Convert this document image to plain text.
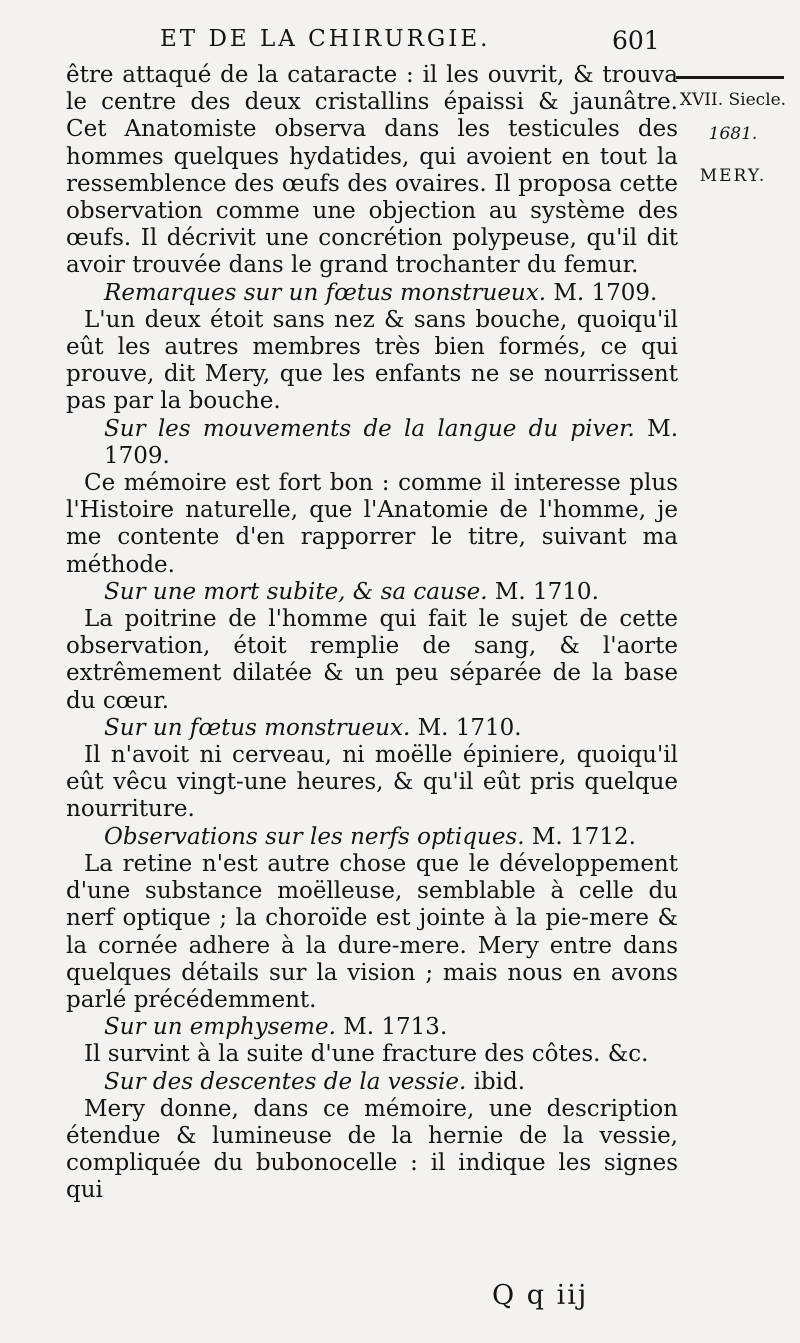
ET DE LA CHIRURGIE.	601
XVII. Siecle.
1681.
MERY.

être attaqué de la cataracte : il les ouvrit, & trouva le centre des deux cristallins épaissi & jaunâtre. Cet Anatomiste observa dans les testicules des hommes quelques hydatides, qui avoient en tout la ressemblence des œufs des ovaires. Il proposa cette observation comme une objection au système des œufs. Il décrivit une concrétion polypeuse, qu'il dit avoir trouvée dans le grand trochanter du femur.

Remarques sur un fœtus monstrueux. M. 1709.

L'un deux étoit sans nez & sans bouche, quoiqu'il eût les autres membres très bien formés, ce qui prouve, dit Mery, que les enfants ne se nourrissent pas par la bouche.

Sur les mouvements de la langue du piver. M. 1709.

Ce mémoire est fort bon : comme il interesse plus l'Histoire naturelle, que l'Anatomie de l'homme, je me contente d'en rapporrer le titre, suivant ma méthode.

Sur une mort subite, & sa cause. M. 1710.

La poitrine de l'homme qui fait le sujet de cette observation, étoit remplie de sang, & l'aorte extrêmement dilatée & un peu séparée de la base du cœur.

Sur un fœtus monstrueux. M. 1710.

Il n'avoit ni cerveau, ni moëlle épiniere, quoiqu'il eût vêcu vingt-une heures, & qu'il eût pris quelque nourriture.

Observations sur les nerfs optiques. M. 1712.

La retine n'est autre chose que le développement d'une substance moëlleuse, semblable à celle du nerf optique ; la choroïde est jointe à la pie-mere & la cornée adhere à la dure-mere. Mery entre dans quelques détails sur la vision ; mais nous en avons parlé précédemment.

Sur un emphyseme. M. 1713.

Il survint à la suite d'une fracture des côtes. &c.

Sur des descentes de la vessie. ibid.

Mery donne, dans ce mémoire, une description étendue & lumineuse de la hernie de la vessie, compliquée du bubonocelle : il indique les signes qui

Q q iij
